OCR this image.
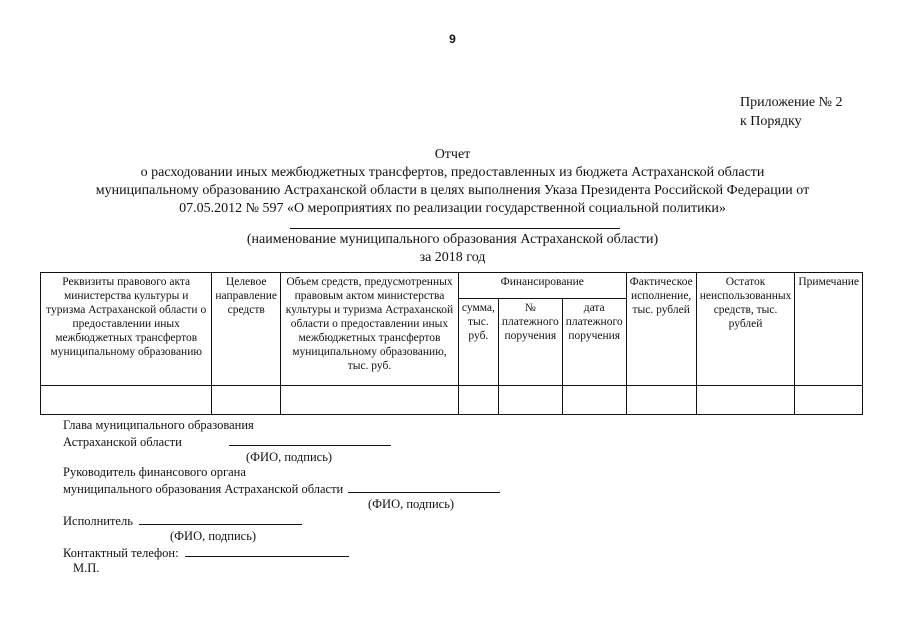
9
Приложение № 2
к Порядку
Отчет
о расходовании иных межбюджетных трансфертов, предоставленных из бюджета Астраханской области
муниципальному образованию Астраханской области в целях выполнения Указа Президента Российской Федерации от
07.05.2012 № 597 «О мероприятиях по реализации государственной социальной политики»
(наименование муниципального образования Астраханской области)
за 2018 год
Реквизиты правового акта министерства культуры и туризма Астраханской области о предоставлении иных межбюджетных трансфертов муниципальному образованию	Целевое направление средств	Объем средств, предусмотренных правовым актом министерства культуры и туризма Астраханской области о предоставлении иных межбюджетных трансфертов муниципальному образованию, тыс. руб.	Финансирование			Фактическое исполнение, тыс. рублей	Остаток неиспользованных средств, тыс. рублей	Примечание
			сумма, тыс. руб.	№ платежного поручения	дата платежного поручения			

Глава муниципального образования
Астраханской области
(ФИО, подпись)
Руководитель финансового органа
муниципального образования Астраханской области
(ФИО, подпись)
Исполнитель
(ФИО, подпись)
Контактный телефон:
М.П.
